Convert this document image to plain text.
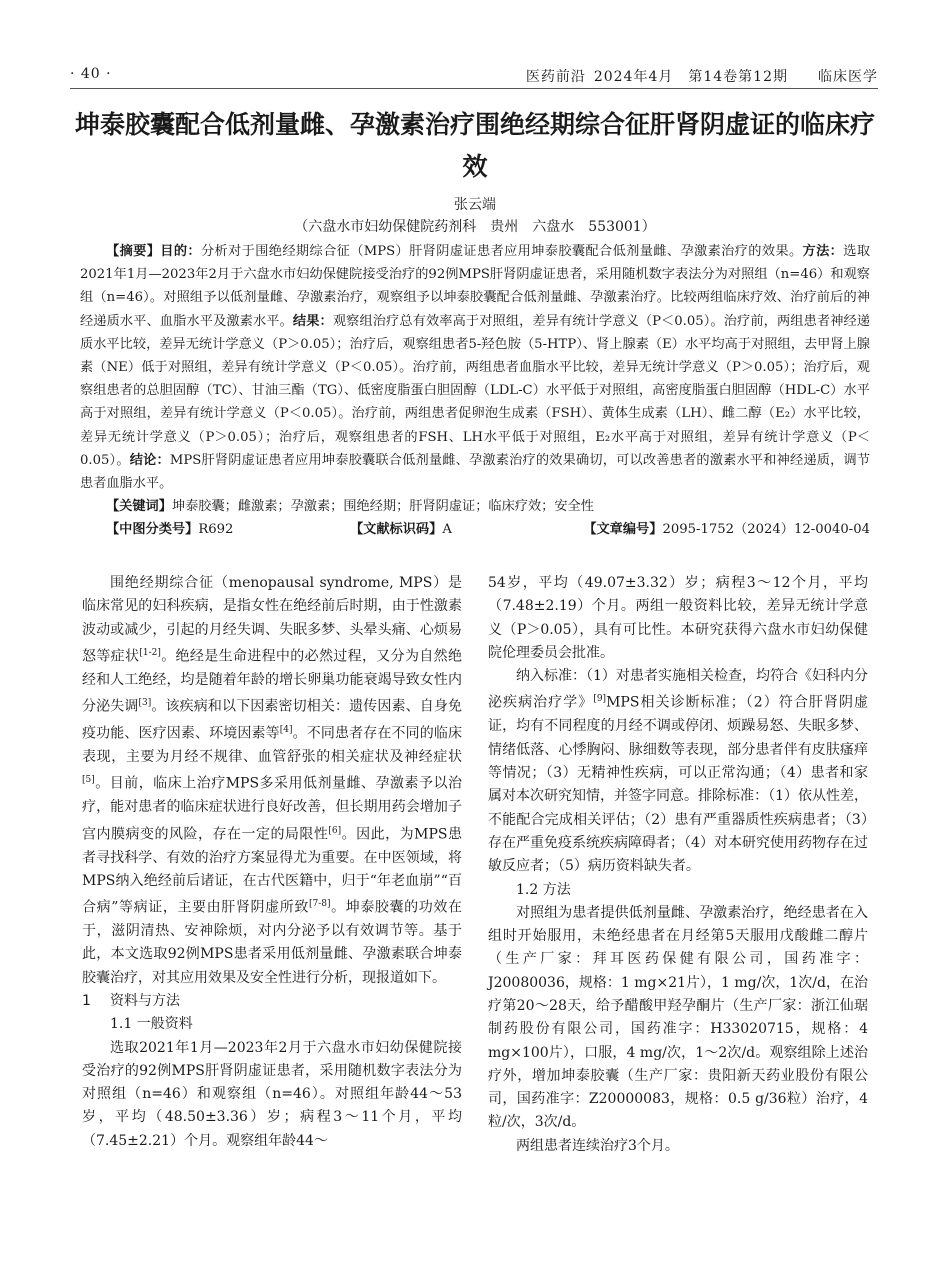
· 40 ·	医药前沿 2024年4月　第14卷第12期 临床医学
坤泰胶囊配合低剂量雌、孕激素治疗围绝经期综合征肝肾阴虚证的临床疗效
张云端
（六盘水市妇幼保健院药剂科　贵州　六盘水　553001）

【摘要】目的：分析对于围绝经期综合征（MPS）肝肾阴虚证患者应用坤泰胶囊配合低剂量雌、孕激素治疗的效果。方法：选取2021年1月—2023年2月于六盘水市妇幼保健院接受治疗的92例MPS肝肾阴虚证患者，采用随机数字表法分为对照组（n=46）和观察组（n=46）。对照组予以低剂量雌、孕激素治疗，观察组予以坤泰胶囊配合低剂量雌、孕激素治疗。比较两组临床疗效、治疗前后的神经递质水平、血脂水平及激素水平。结果：观察组治疗总有效率高于对照组，差异有统计学意义（P＜0.05）。治疗前，两组患者神经递质水平比较，差异无统计学意义（P＞0.05）；治疗后，观察组患者5-羟色胺（5-HTP）、肾上腺素（E）水平均高于对照组，去甲肾上腺素（NE）低于对照组，差异有统计学意义（P＜0.05）。治疗前，两组患者血脂水平比较，差异无统计学意义（P＞0.05）；治疗后，观察组患者的总胆固醇（TC）、甘油三酯（TG）、低密度脂蛋白胆固醇（LDL-C）水平低于对照组，高密度脂蛋白胆固醇（HDL-C）水平高于对照组，差异有统计学意义（P＜0.05）。治疗前，两组患者促卵泡生成素（FSH）、黄体生成素（LH）、雌二醇（E₂）水平比较，差异无统计学意义（P＞0.05）；治疗后，观察组患者的FSH、LH水平低于对照组，E₂水平高于对照组，差异有统计学意义（P＜0.05）。结论：MPS肝肾阴虚证患者应用坤泰胶囊联合低剂量雌、孕激素治疗的效果确切，可以改善患者的激素水平和神经递质，调节患者血脂水平。

【关键词】坤泰胶囊；雌激素；孕激素；围绝经期；肝肾阴虚证；临床疗效；安全性

【中图分类号】R692	【文献标识码】A	【文章编号】2095-1752（2024）12-0040-04

围绝经期综合征（menopausal syndrome, MPS）是临床常见的妇科疾病，是指女性在绝经前后时期，由于性激素波动或减少，引起的月经失调、失眠多梦、头晕头痛、心烦易怒等症状[1-2]。绝经是生命进程中的必然过程，又分为自然绝经和人工绝经，均是随着年龄的增长卵巢功能衰竭导致女性内分泌失调[3]。该疾病和以下因素密切相关：遗传因素、自身免疫功能、医疗因素、环境因素等[4]。不同患者存在不同的临床表现，主要为月经不规律、血管舒张的相关症状及神经症状[5]。目前，临床上治疗MPS多采用低剂量雌、孕激素予以治疗，能对患者的临床症状进行良好改善，但长期用药会增加子宫内膜病变的风险，存在一定的局限性[6]。因此，为MPS患者寻找科学、有效的治疗方案显得尤为重要。在中医领域，将MPS纳入绝经前后诸证，在古代医籍中，归于“年老血崩”“百合病”等病证，主要由肝肾阴虚所致[7-8]。坤泰胶囊的功效在于，滋阴清热、安神除烦，对内分泌予以有效调节等。基于此，本文选取92例MPS患者采用低剂量雌、孕激素联合坤泰胶囊治疗，对其应用效果及安全性进行分析，现报道如下。

1 资料与方法

1.1 一般资料

选取2021年1月—2023年2月于六盘水市妇幼保健院接受治疗的92例MPS肝肾阴虚证患者，采用随机数字表法分为对照组（n=46）和观察组（n=46）。对照组年龄44～53岁，平均（48.50±3.36）岁；病程3～11个月，平均（7.45±2.21）个月。观察组年龄44～

54岁，平均（49.07±3.32）岁；病程3～12个月，平均（7.48±2.19）个月。两组一般资料比较，差异无统计学意义（P＞0.05），具有可比性。本研究获得六盘水市妇幼保健院伦理委员会批准。

纳入标准：（1）对患者实施相关检查，均符合《妇科内分泌疾病治疗学》[9]MPS相关诊断标准；（2）符合肝肾阴虚证，均有不同程度的月经不调或停闭、烦躁易怒、失眠多梦、情绪低落、心悸胸闷、脉细数等表现，部分患者伴有皮肤瘙痒等情况；（3）无精神性疾病，可以正常沟通；（4）患者和家属对本次研究知情，并签字同意。排除标准：（1）依从性差，不能配合完成相关评估；（2）患有严重器质性疾病患者；（3）存在严重免疫系统疾病障碍者；（4）对本研究使用药物存在过敏反应者；（5）病历资料缺失者。

1.2 方法

对照组为患者提供低剂量雌、孕激素治疗，绝经患者在入组时开始服用，未绝经患者在月经第5天服用戊酸雌二醇片（生产厂家：拜耳医药保健有限公司，国药准字：J20080036，规格：1 mg×21片），1 mg/次，1次/d，在治疗第20～28天，给予醋酸甲羟孕酮片（生产厂家：浙江仙琚制药股份有限公司，国药准字：H33020715，规格：4 mg×100片），口服，4 mg/次，1～2次/d。观察组除上述治疗外，增加坤泰胶囊（生产厂家：贵阳新天药业股份有限公司，国药准字：Z20000083，规格：0.5 g/36粒）治疗，4粒/次，3次/d。

两组患者连续治疗3个月。
